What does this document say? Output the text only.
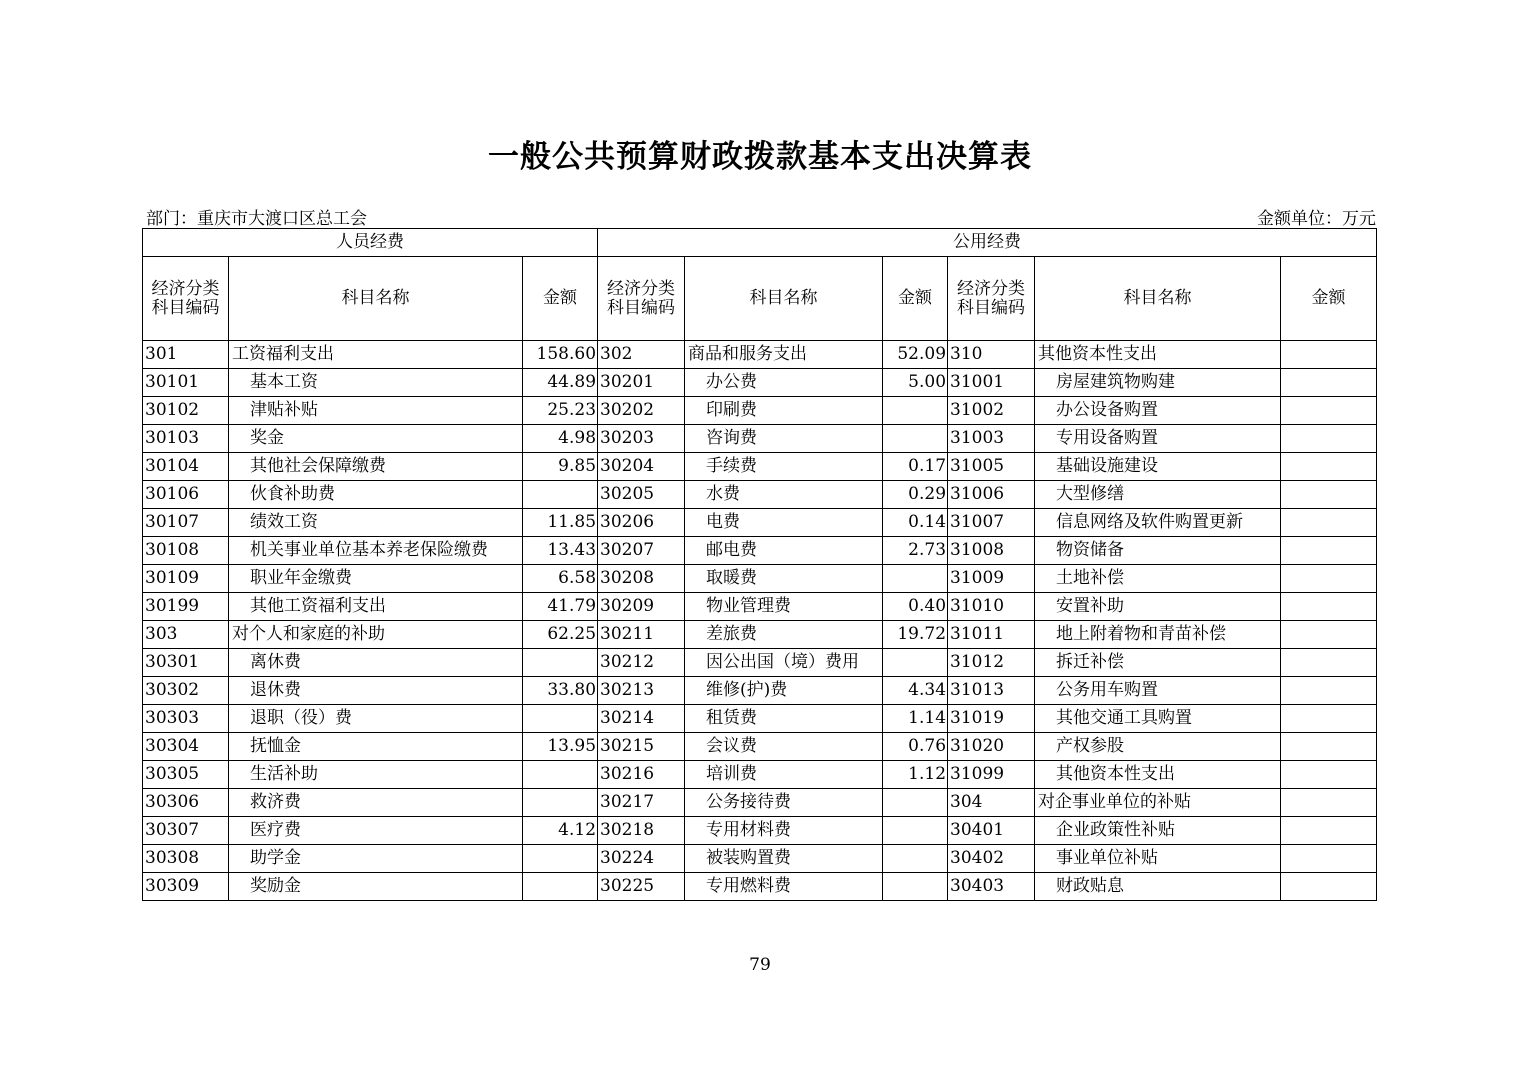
一般公共预算财政拨款基本支出决算表
部门：重庆市大渡口区总工会	金额单位：万元
人员经费			公用经费					

经济分类科目编码	科目名称	金额	经济分类科目编码	科目名称	金额	经济分类科目编码	科目名称	金额
301	工资福利支出	158.60	302	商品和服务支出	52.09	310	其他资本性支出	
30101	基本工资	44.89	30201	办公费	5.00	31001	房屋建筑物购建	
30102	津贴补贴	25.23	30202	印刷费		31002	办公设备购置	
30103	奖金	4.98	30203	咨询费		31003	专用设备购置	
30104	其他社会保障缴费	9.85	30204	手续费	0.17	31005	基础设施建设	
30106	伙食补助费		30205	水费	0.29	31006	大型修缮	
30107	绩效工资	11.85	30206	电费	0.14	31007	信息网络及软件购置更新	
30108	机关事业单位基本养老保险缴费	13.43	30207	邮电费	2.73	31008	物资储备	
30109	职业年金缴费	6.58	30208	取暖费		31009	土地补偿	
30199	其他工资福利支出	41.79	30209	物业管理费	0.40	31010	安置补助	
303	对个人和家庭的补助	62.25	30211	差旅费	19.72	31011	地上附着物和青苗补偿	
30301	离休费		30212	因公出国（境）费用		31012	拆迁补偿	
30302	退休费	33.80	30213	维修(护)费	4.34	31013	公务用车购置	
30303	退职（役）费		30214	租赁费	1.14	31019	其他交通工具购置	
30304	抚恤金	13.95	30215	会议费	0.76	31020	产权参股	
30305	生活补助		30216	培训费	1.12	31099	其他资本性支出	
30306	救济费		30217	公务接待费		304	对企事业单位的补贴	
30307	医疗费	4.12	30218	专用材料费		30401	企业政策性补贴	
30308	助学金		30224	被装购置费		30402	事业单位补贴	
30309	奖励金		30225	专用燃料费		30403	财政贴息	
79
